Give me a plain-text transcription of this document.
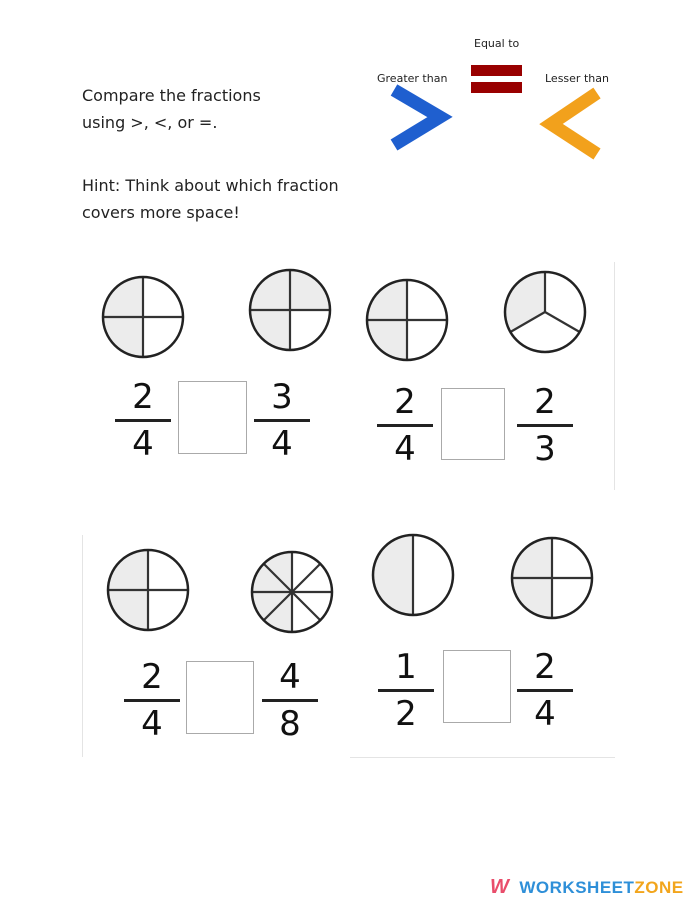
Compare the fractions
using >, <, or =.
Hint: Think about which fraction
covers more space!
Equal to
Greater than	Lesser than
2
4
3
4
2
4
2
3
2
4
4
8
1
2
2
4
W WORKSHEET ZONE
